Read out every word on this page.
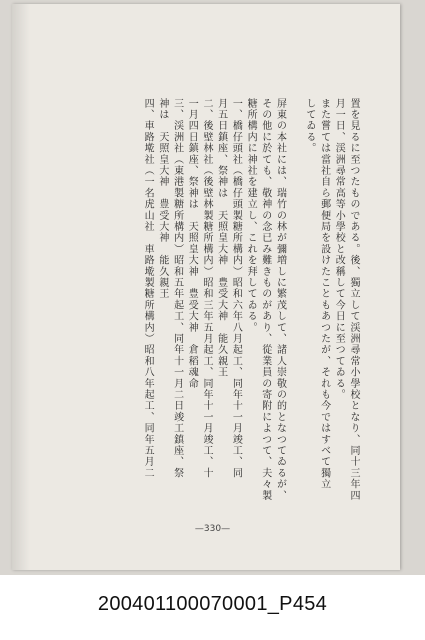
置を見るに至つたものである。後、獨立して渓洲尋常小學校となり、同十三年四

月一日、渓洲尋常高等小學校と改稱して今日に至つてゐる。

また嘗ては當社自ら郵便局を設けたこともあつたが、それも今ではすべて獨立

してゐる。

屏東の本社には、瑞竹の林が彌増しに繁茂して、諸人崇敬の的となつてゐるが、

その他に於ても、敬神の念已み難きものがあり、從業員の寄附によつて、夫々製

糖所構内に神社を建立し、これを拜してゐる。

一、橋仔頭社（橋仔頭製糖所構内）昭和六年八月起工、同年十一月竣工、同

月五日鎮座、祭神は　天照皇大神　豊受大神　能久親王

二、後壁林社（後壁林製糖所構内）昭和三年五月起工、同年十一月竣工、十

一月四日鎮座、祭神は　天照皇大神　豊受大神　倉稻魂命

三、渓洲社（東港製糖所構内）昭和五年起工、同年十一月二日竣工鎮座、祭

神は　天照皇大神　豊受大神　能久親王

四、車路墘社（一名虎山社　車路墘製糖所構内）昭和八年起工、同年五月二

—330—
200401100070001_P454
